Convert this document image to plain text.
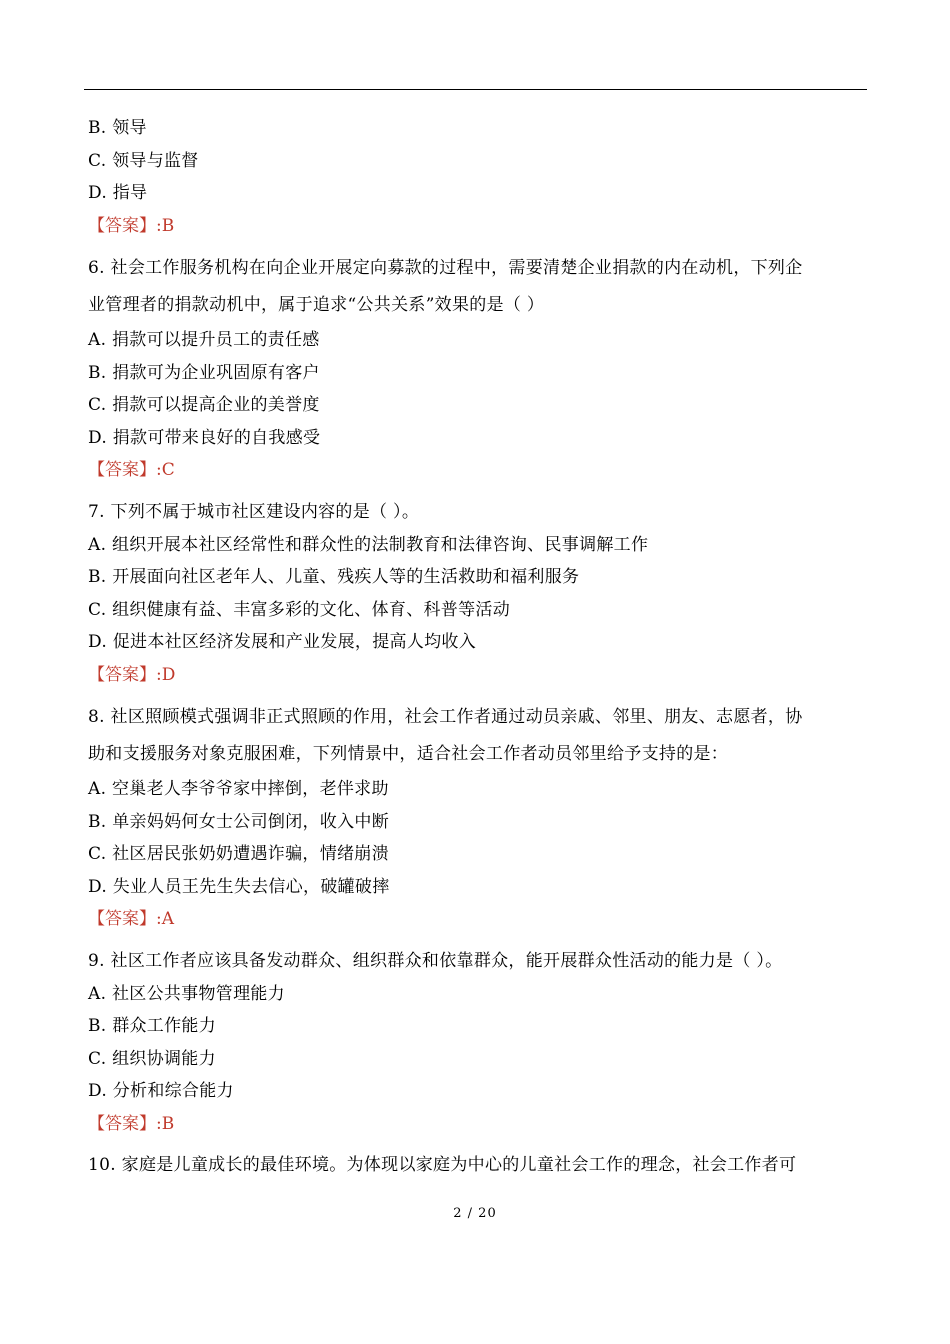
B. 领导
C. 领导与监督
D. 指导
【答案】:B
6. 社会工作服务机构在向企业开展定向募款的过程中，需要清楚企业捐款的内在动机，下列企
业管理者的捐款动机中，属于追求“公共关系”效果的是（ ）
A. 捐款可以提升员工的责任感
B. 捐款可为企业巩固原有客户
C. 捐款可以提高企业的美誉度
D. 捐款可带来良好的自我感受
【答案】:C
7. 下列不属于城市社区建设内容的是（ ）。
A. 组织开展本社区经常性和群众性的法制教育和法律咨询、民事调解工作
B. 开展面向社区老年人、儿童、残疾人等的生活救助和福利服务
C. 组织健康有益、丰富多彩的文化、体育、科普等活动
D. 促进本社区经济发展和产业发展，提高人均收入
【答案】:D
8. 社区照顾模式强调非正式照顾的作用，社会工作者通过动员亲戚、邻里、朋友、志愿者，协
助和支援服务对象克服困难，下列情景中，适合社会工作者动员邻里给予支持的是：
A. 空巢老人李爷爷家中摔倒，老伴求助
B. 单亲妈妈何女士公司倒闭，收入中断
C. 社区居民张奶奶遭遇诈骗，情绪崩溃
D. 失业人员王先生失去信心，破罐破摔
【答案】:A
9. 社区工作者应该具备发动群众、组织群众和依靠群众，能开展群众性活动的能力是（ ）。
A. 社区公共事物管理能力
B. 群众工作能力
C. 组织协调能力
D. 分析和综合能力
【答案】:B
10. 家庭是儿童成长的最佳环境。为体现以家庭为中心的儿童社会工作的理念，社会工作者可
2 / 20
